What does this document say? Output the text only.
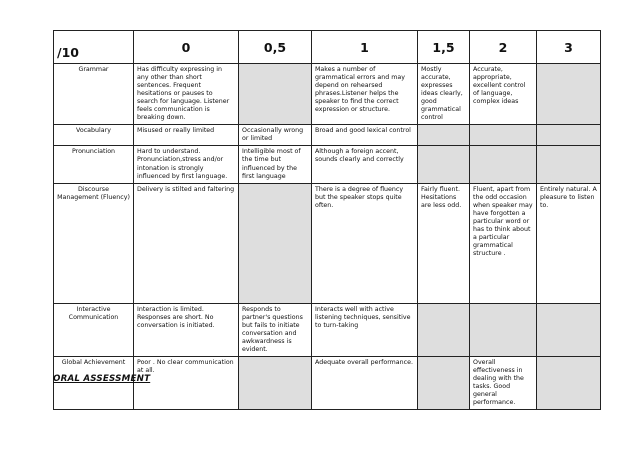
/10	0	0,5	1	1,5	2	3
Grammar	Has difficulty expressing in any other than short sentences. Frequent hesitations or pauses to search for language. Listener feels communication is breaking down.		Makes a number of grammatical errors and may depend on rehearsed phrases.Listener helps the speaker to find the correct expression or structure.	Mostly accurate, expresses ideas clearly, good grammatical control	Accurate, appropriate, excellent control of language, complex ideas	
Vocabulary	Misused or really limited	Occasionally wrong or limited	Broad and good lexical control			
Pronunciation	Hard to understand. Pronunciation,stress and/or intonation is strongly influenced by first language.	Intelligible most of the time but influenced by the first language	Although a foreign accent, sounds clearly and correctly			
Discourse Management (Fluency)	Delivery is stilted and faltering		There is a degree of fluency but the speaker stops quite often.	Fairly fluent. Hesitations are less odd.	Fluent, apart from the odd occasion when speaker may have forgotten a particular word or has to think about a particular grammatical structure .	Entirely natural. A pleasure to listen to.
Interactive Communication	Interaction is limited. Responses are short. No conversation is initiated.	Responds to partner's questions but fails to initiate conversation and awkwardness is evident.	Interacts well with active listening techniques, sensitive to turn-taking			
Global Achievement	Poor . No clear communication at all.		Adequate overall performance.		Overall effectiveness in dealing with the tasks. Good general performance.	
ORAL ASSESSMENT
